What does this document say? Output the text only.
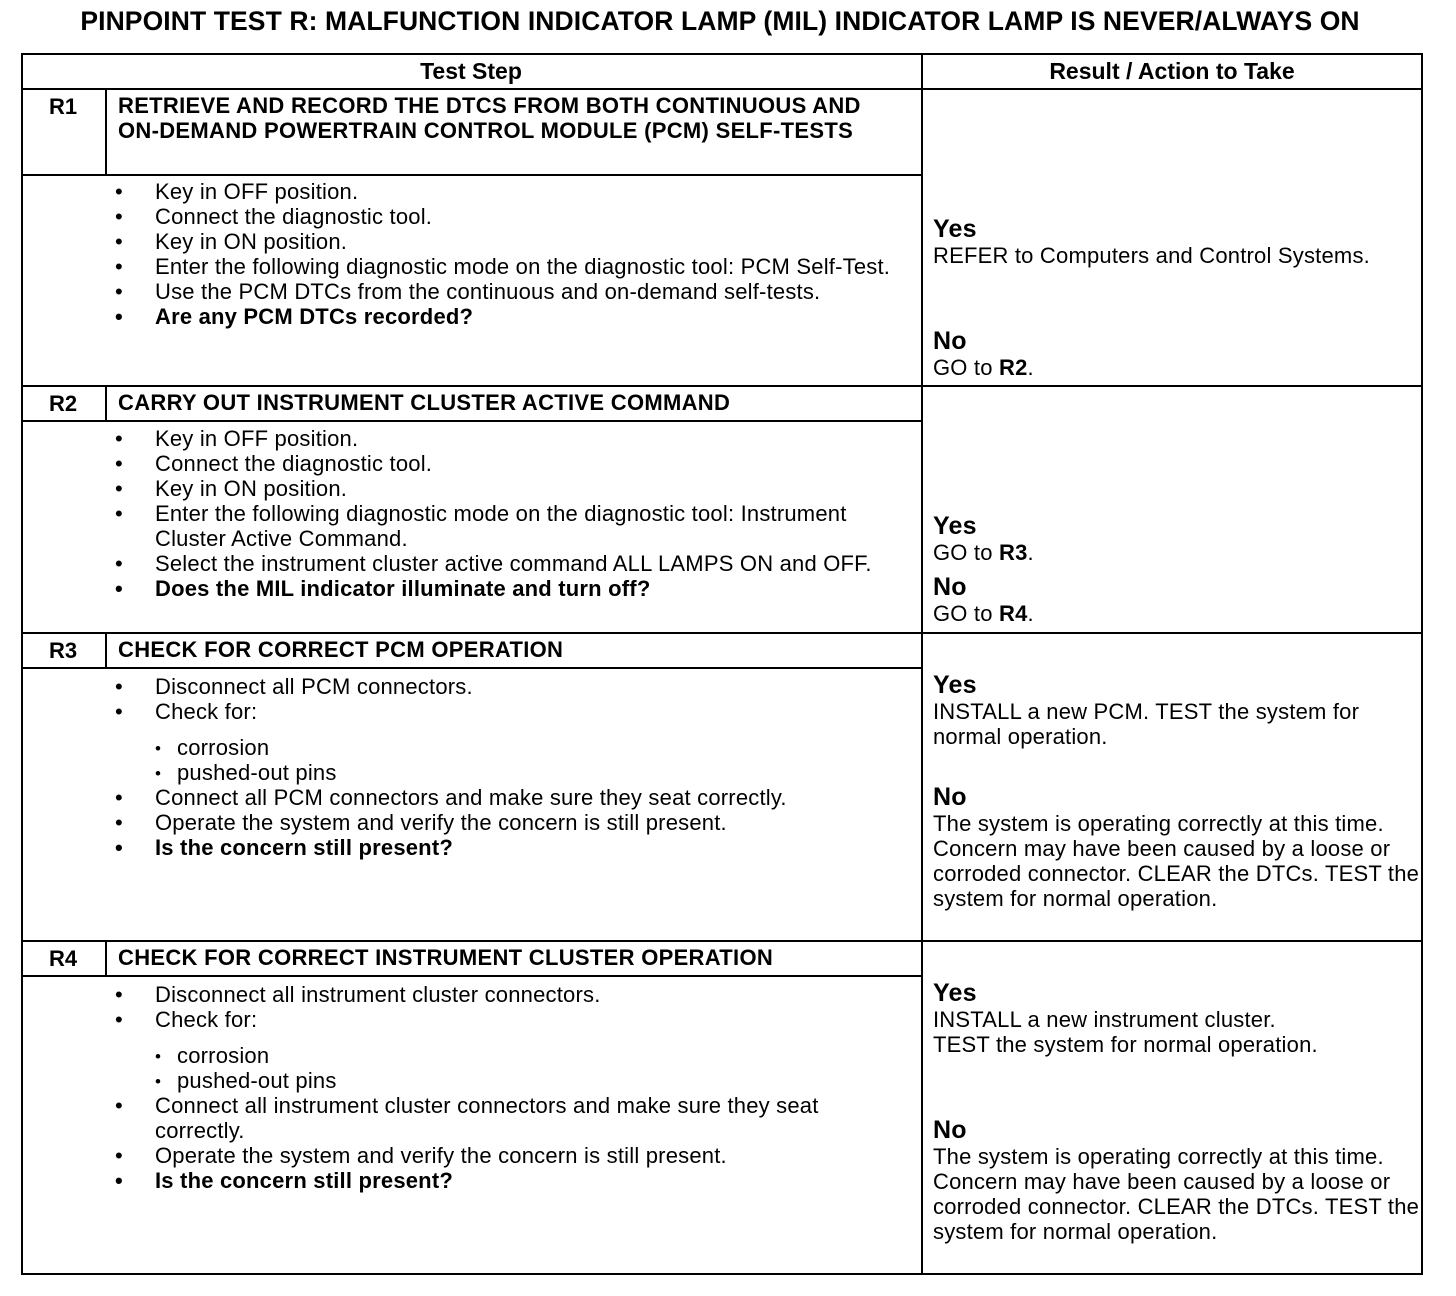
PINPOINT TEST R: MALFUNCTION INDICATOR LAMP (MIL) INDICATOR LAMP IS NEVER/ALWAYS ON
Test Step	Result / Action to Take
R1	RETRIEVE AND RECORD THE DTCS FROM BOTH CONTINUOUS AND ON-DEMAND POWERTRAIN CONTROL MODULE (PCM) SELF-TESTS
• Key in OFF position.
• Connect the diagnostic tool.
• Key in ON position.
• Enter the following diagnostic mode on the diagnostic tool: PCM Self-Test.
• Use the PCM DTCs from the continuous and on-demand self-tests.
• Are any PCM DTCs recorded?
Yes
REFER to Computers and Control Systems.
No
GO to R2.
R2	CARRY OUT INSTRUMENT CLUSTER ACTIVE COMMAND
• Key in OFF position.
• Connect the diagnostic tool.
• Key in ON position.
• Enter the following diagnostic mode on the diagnostic tool: Instrument Cluster Active Command.
• Select the instrument cluster active command ALL LAMPS ON and OFF.
• Does the MIL indicator illuminate and turn off?
Yes
GO to R3.
No
GO to R4.
R3	CHECK FOR CORRECT PCM OPERATION
• Disconnect all PCM connectors.
• Check for:
• corrosion
• pushed-out pins
• Connect all PCM connectors and make sure they seat correctly.
• Operate the system and verify the concern is still present.
• Is the concern still present?
Yes
INSTALL a new PCM. TEST the system for normal operation.
No
The system is operating correctly at this time. Concern may have been caused by a loose or corroded connector. CLEAR the DTCs. TEST the system for normal operation.
R4	CHECK FOR CORRECT INSTRUMENT CLUSTER OPERATION
• Disconnect all instrument cluster connectors.
• Check for:
• corrosion
• pushed-out pins
• Connect all instrument cluster connectors and make sure they seat correctly.
• Operate the system and verify the concern is still present.
• Is the concern still present?
Yes
INSTALL a new instrument cluster.
TEST the system for normal operation.
No
The system is operating correctly at this time. Concern may have been caused by a loose or corroded connector. CLEAR the DTCs. TEST the system for normal operation.
